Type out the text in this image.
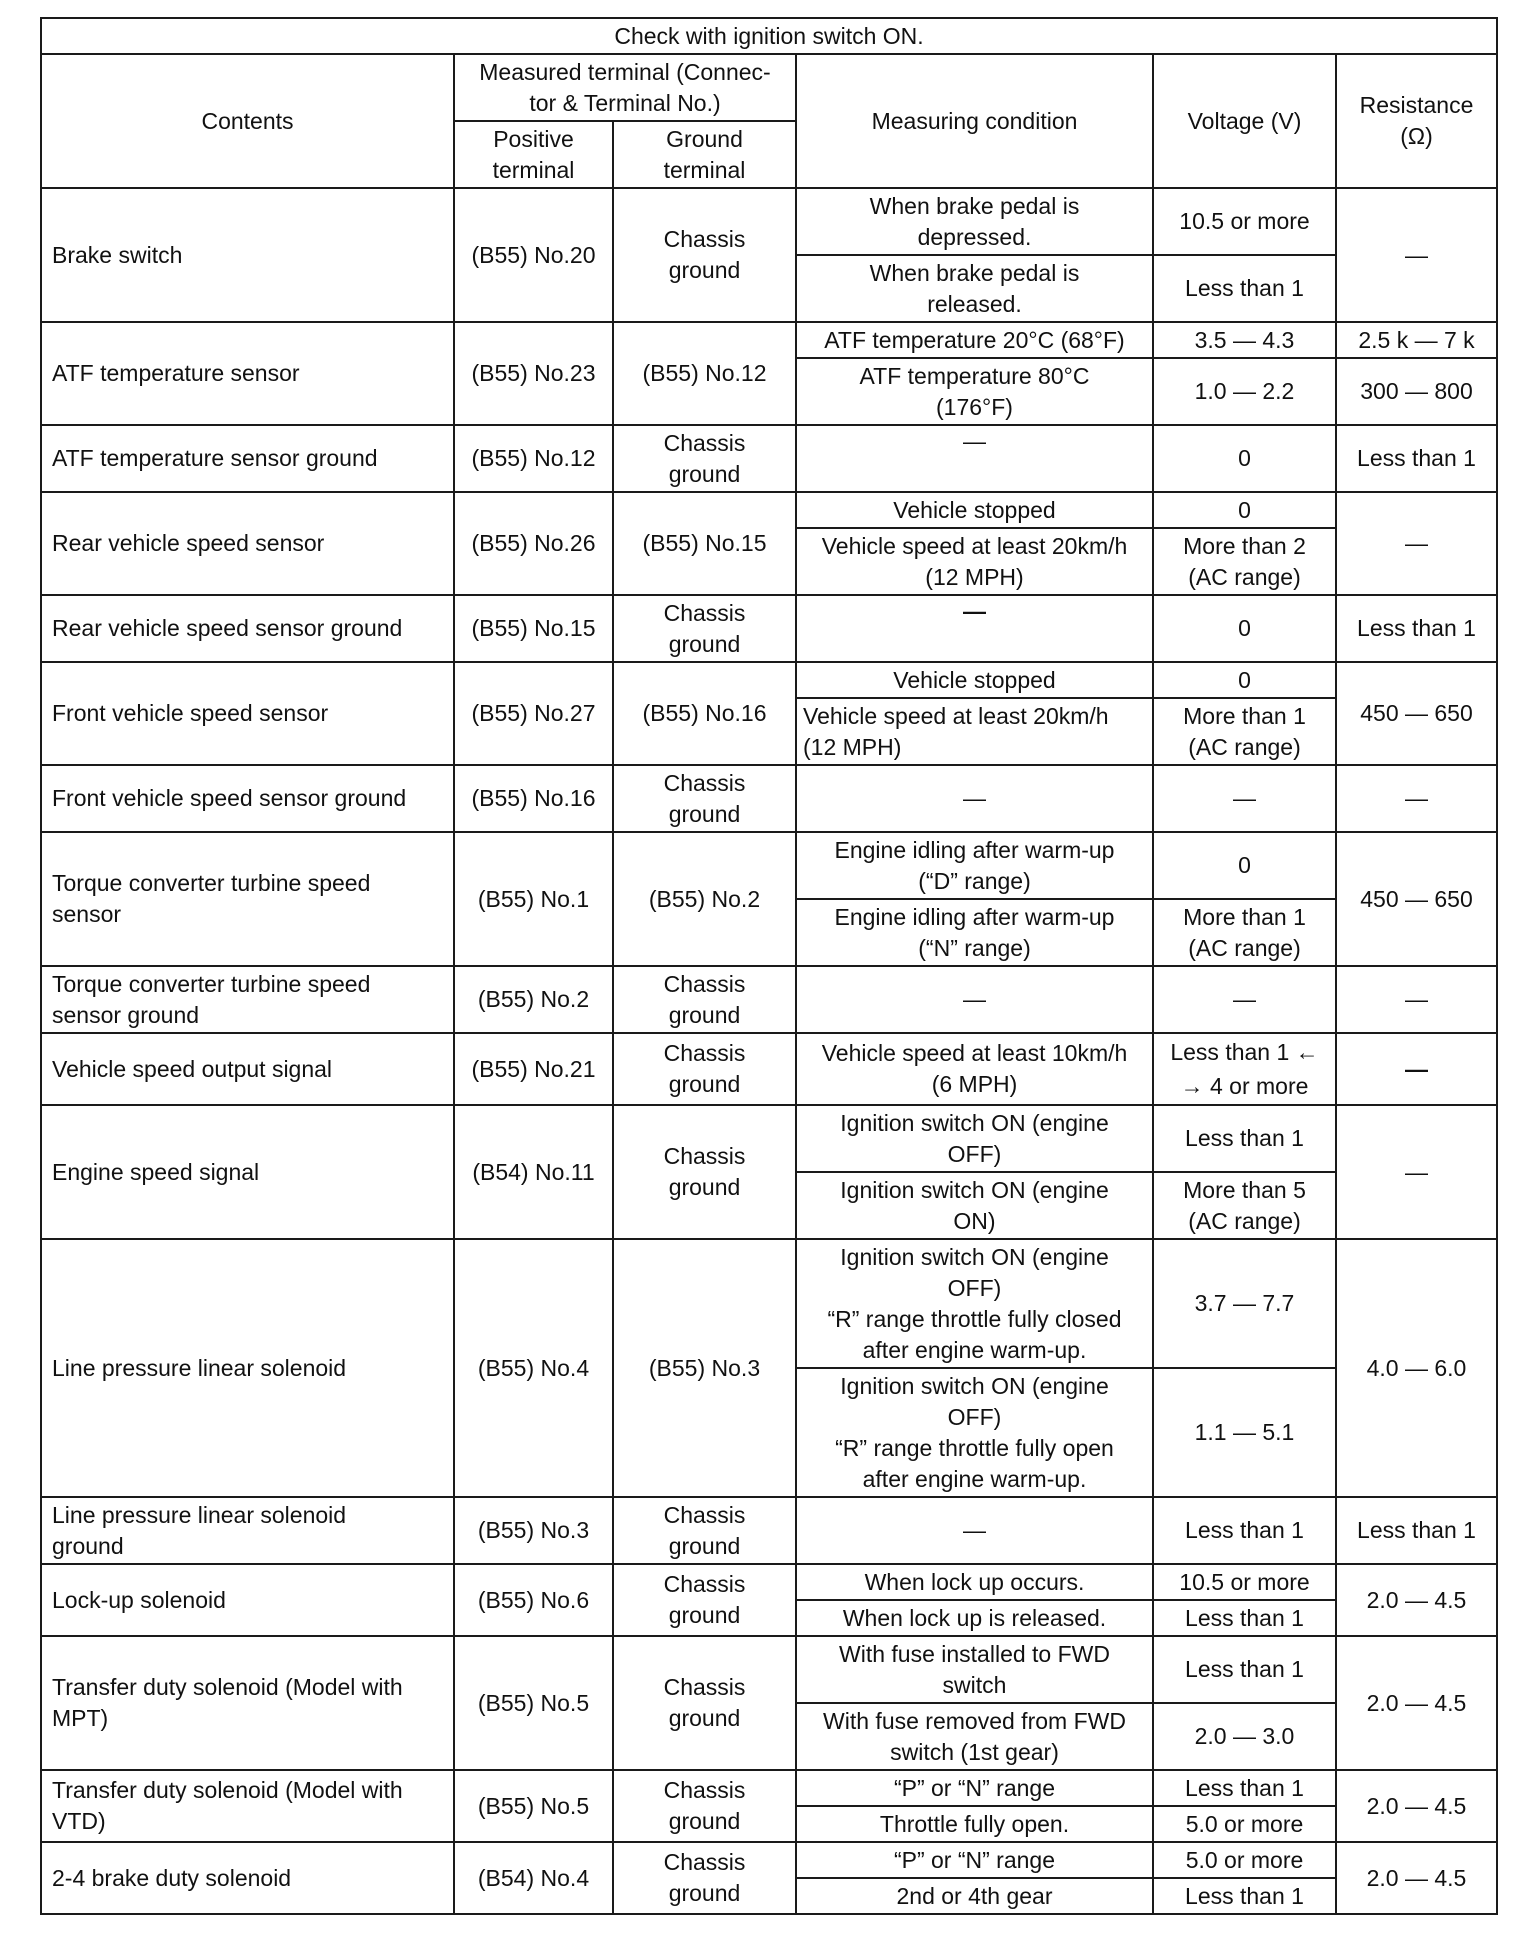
Check with ignition switch ON.					
Contents	Measured terminal (Connec-
tor & Terminal No.)		Measuring condition	Voltage (V)	Resistance
(Ω)
	Positive
terminal	Ground
terminal			
Brake switch	(B55) No.20	Chassis
ground	When brake pedal is
depressed.	10.5 or more	—
			When brake pedal is
released.	Less than 1	
ATF temperature sensor	(B55) No.23	(B55) No.12	ATF temperature 20°C (68°F)	3.5 — 4.3	2.5 k — 7 k
			ATF temperature 80°C
(176°F)	1.0 — 2.2	300 — 800
ATF temperature sensor ground	(B55) No.12	Chassis
ground	—	0	Less than 1
Rear vehicle speed sensor	(B55) No.26	(B55) No.15	Vehicle stopped	0	—
			Vehicle speed at least 20km/h
(12 MPH)	More than 2
(AC range)	
Rear vehicle speed sensor ground	(B55) No.15	Chassis
ground	—	0	Less than 1
Front vehicle speed sensor	(B55) No.27	(B55) No.16	Vehicle stopped	0	450 — 650
			Vehicle speed at least 20km/h
(12 MPH)	More than 1
(AC range)	
Front vehicle speed sensor ground	(B55) No.16	Chassis
ground	—	—	—
Torque converter turbine speed
sensor	(B55) No.1	(B55) No.2	Engine idling after warm-up
(“D” range)	0	450 — 650
			Engine idling after warm-up
(“N” range)	More than 1
(AC range)	
Torque converter turbine speed
sensor ground	(B55) No.2	Chassis
ground	—	—	—
Vehicle speed output signal	(B55) No.21	Chassis
ground	Vehicle speed at least 10km/h
(6 MPH)	Less than 1 ←
→ 4 or more	—
Engine speed signal	(B54) No.11	Chassis
ground	Ignition switch ON (engine
OFF)	Less than 1	—
			Ignition switch ON (engine
ON)	More than 5
(AC range)	
Line pressure linear solenoid	(B55) No.4	(B55) No.3	Ignition switch ON (engine
OFF)
“R” range throttle fully closed
after engine warm-up.	3.7 — 7.7	4.0 — 6.0
			Ignition switch ON (engine
OFF)
“R” range throttle fully open
after engine warm-up.	1.1 — 5.1	
Line pressure linear solenoid
ground	(B55) No.3	Chassis
ground	—	Less than 1	Less than 1
Lock-up solenoid	(B55) No.6	Chassis
ground	When lock up occurs.	10.5 or more	2.0 — 4.5
			When lock up is released.	Less than 1	
Transfer duty solenoid (Model with
MPT)	(B55) No.5	Chassis
ground	With fuse installed to FWD
switch	Less than 1	2.0 — 4.5
			With fuse removed from FWD
switch (1st gear)	2.0 — 3.0	
Transfer duty solenoid (Model with
VTD)	(B55) No.5	Chassis
ground	“P” or “N” range	Less than 1	2.0 — 4.5
			Throttle fully open.	5.0 or more	
2-4 brake duty solenoid	(B54) No.4	Chassis
ground	“P” or “N” range	5.0 or more	2.0 — 4.5
			2nd or 4th gear	Less than 1	
